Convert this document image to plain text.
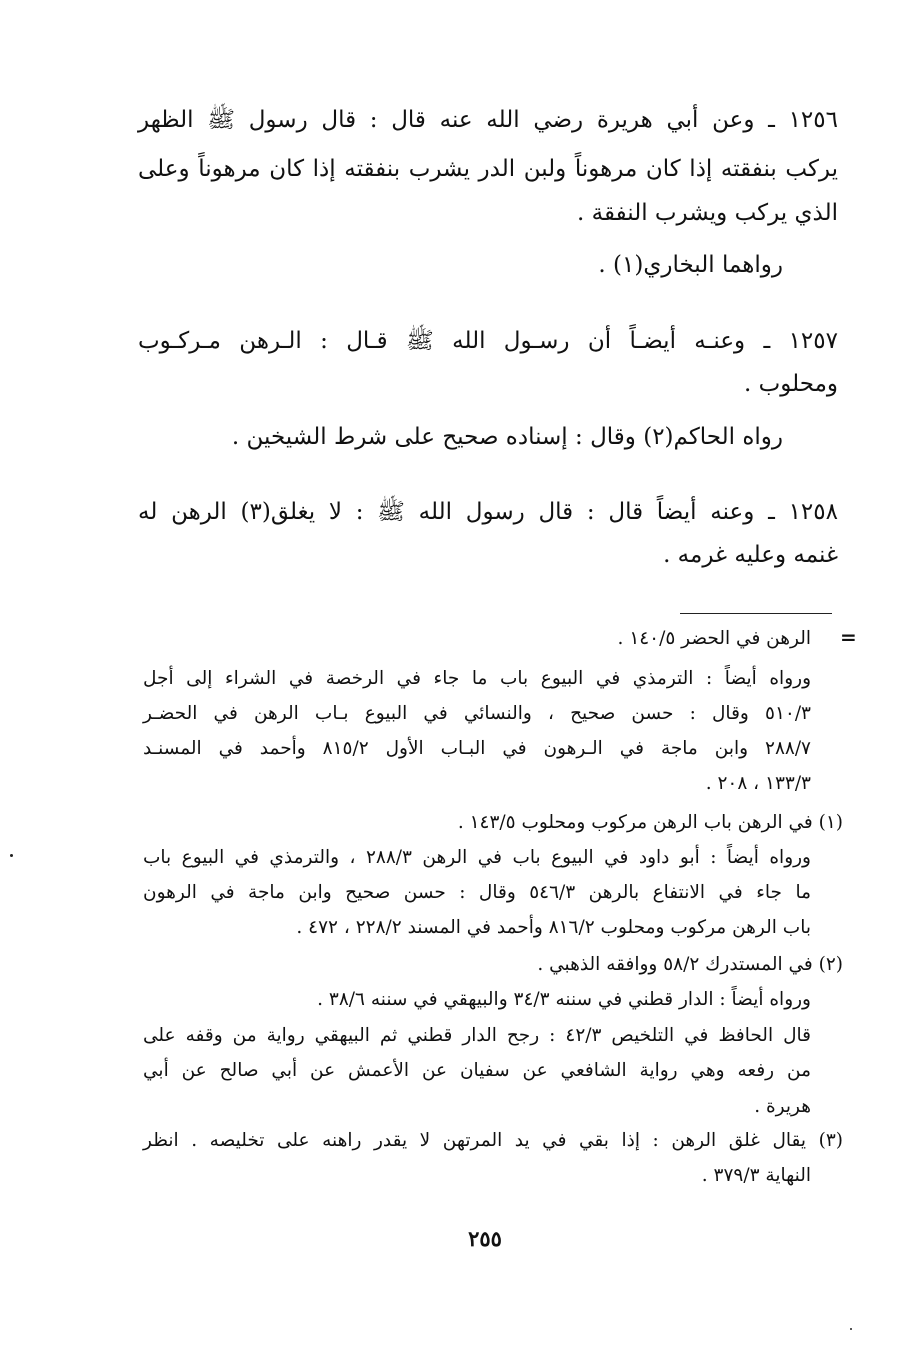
١٢٥٦ ـ وعن أبي هريرة رضي الله عنه قال : قال رسول ﷺ الظهر
يركب بنفقته إذا كان مرهوناً ولبن الدر يشرب بنفقته إذا كان مرهوناً وعلى
الذي يركب ويشرب النفقة .
رواهما البخاري(١) .
١٢٥٧ ـ وعنـه أيضـاً أن رسـول الله ﷺ قـال : الـرهن مـركـوب
ومحلوب .
رواه الحاكم(٢) وقال : إسناده صحيح على شرط الشيخين .
١٢٥٨ ـ وعنه أيضاً قال : قال رسول الله ﷺ : لا يغلق(٣) الرهن له
غنمه وعليه غرمه .
=
الرهن في الحضر ١٤٠/٥ .
ورواه أيضاً : الترمذي في البيوع باب ما جاء في الرخصة في الشراء إلى أجل
٥١٠/٣ وقال : حسن صحيح ، والنسائي في البيوع بـاب الرهن في الحضـر
٢٨٨/٧ وابن ماجة في الـرهون في البـاب الأول ٨١٥/٢ وأحمد في المسنـد
١٣٣/٣ ، ٢٠٨ .
(١) في الرهن باب الرهن مركوب ومحلوب ١٤٣/٥ .
ورواه أيضاً : أبو داود في البيوع باب في الرهن ٢٨٨/٣ ، والترمذي في البيوع باب
ما جاء في الانتفاع بالرهن ٥٤٦/٣ وقال : حسن صحيح وابن ماجة في الرهون
باب الرهن مركوب ومحلوب ٨١٦/٢ وأحمد في المسند ٢٢٨/٢ ، ٤٧٢ .
(٢) في المستدرك ٥٨/٢ ووافقه الذهبي .
ورواه أيضاً : الدار قطني في سننه ٣٤/٣ والبيهقي في سننه ٣٨/٦ .
قال الحافظ في التلخيص ٤٢/٣ : رجح الدار قطني ثم البيهقي رواية من وقفه على
من رفعه وهي رواية الشافعي عن سفيان عن الأعمش عن أبي صالح عن أبي
هريرة .
(٣) يقال غلق الرهن : إذا بقي في يد المرتهن لا يقدر راهنه على تخليصه . انظر
النهاية ٣٧٩/٣ .
٢٥٥
